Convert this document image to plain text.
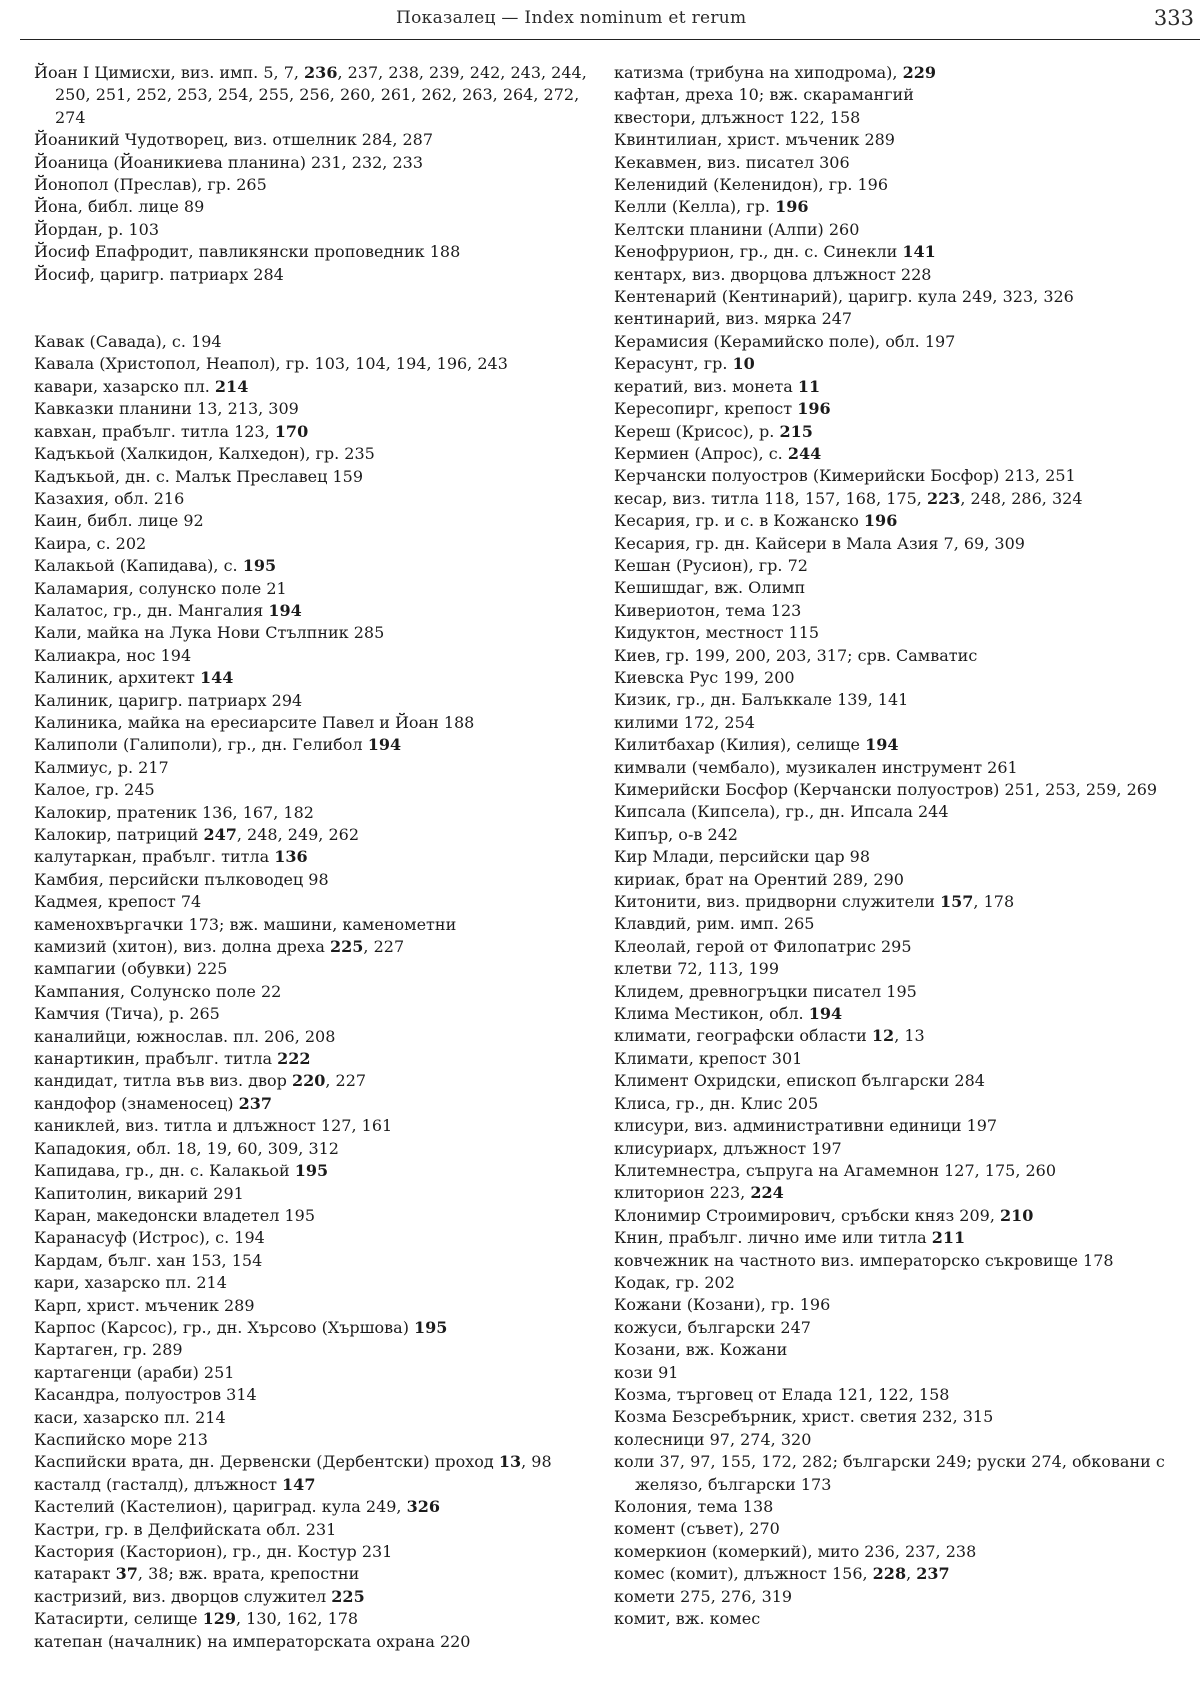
Показалец — Index nominum et rerum	333
Йоан I Цимисхи, виз. имп. 5, 7, 236, 237, 238, 239, 242, 243, 244, 250, 251, 252, 253, 254, 255, 256, 260, 261, 262, 263, 264, 272, 274
Йоаникий Чудотворец, виз. отшелник 284, 287
Йоаница (Йоаникиева планина) 231, 232, 233
Йонопол (Преслав), гр. 265
Йона, библ. лице 89
Йордан, р. 103
Йосиф Епафродит, павликянски проповедник 188
Йосиф, царигр. патриарх 284
Кавак (Савада), с. 194
Кавала (Христопол, Неапол), гр. 103, 104, 194, 196, 243
кавари, хазарско пл. 214
Кавказки планини 13, 213, 309
кавхан, прабълг. титла 123, 170
Кадъкьой (Халкидон, Калхедон), гр. 235
Кадъкьой, дн. с. Малък Преславец 159
Казахия, обл. 216
Каин, библ. лице 92
Каира, с. 202
Калакьой (Капидава), с. 195
Каламария, солунско поле 21
Калатос, гр., дн. Мангалия 194
Кали, майка на Лука Нови Стълпник 285
Калиакра, нос 194
Калиник, архитект 144
Калиник, царигр. патриарх 294
Калиника, майка на ересиарсите Павел и Йоан 188
Калиполи (Галиполи), гр., дн. Гелибол 194
Калмиус, р. 217
Калое, гр. 245
Калокир, пратеник 136, 167, 182
Калокир, патриций 247, 248, 249, 262
калутаркан, прабълг. титла 136
Камбия, персийски пълководец 98
Кадмея, крепост 74
каменохвъргачки 173; вж. машини, каменометни
камизий (хитон), виз. долна дреха 225, 227
кампагии (обувки) 225
Кампания, Солунско поле 22
Камчия (Тича), р. 265
каналийци, южнослав. пл. 206, 208
канартикин, прабълг. титла 222
кандидат, титла във виз. двор 220, 227
кандофор (знаменосец) 237
каниклей, виз. титла и длъжност 127, 161
Кападокия, обл. 18, 19, 60, 309, 312
Капидава, гр., дн. с. Калакьой 195
Капитолин, викарий 291
Каран, македонски владетел 195
Каранасуф (Истрос), с. 194
Кардам, бълг. хан 153, 154
кари, хазарско пл. 214
Карп, христ. мъченик 289
Карпос (Карсос), гр., дн. Хърсово (Хършова) 195
Картаген, гр. 289
картагенци (араби) 251
Касандра, полуостров 314
каси, хазарско пл. 214
Каспийско море 213
Каспийски врата, дн. Дервенски (Дербентски) проход 13, 98
касталд (гасталд), длъжност 147
Кастелий (Кастелион), цариград. кула 249, 326
Кастри, гр. в Делфийската обл. 231
Кастория (Касторион), гр., дн. Костур 231
катаракт 37, 38; вж. врата, крепостни
кастризий, виз. дворцов служител 225
Катасирти, селище 129, 130, 162, 178
катепан (началник) на императорската охрана 220
катизма (трибуна на хиподрома), 229
кафтан, дреха 10; вж. скарамангий
квестори, длъжност 122, 158
Квинтилиан, христ. мъченик 289
Кекавмен, виз. писател 306
Келенидий (Келенидон), гр. 196
Келли (Келла), гр. 196
Келтски планини (Алпи) 260
Кенофрурион, гр., дн. с. Синекли 141
кентарх, виз. дворцова длъжност 228
Кентенарий (Кентинарий), царигр. кула 249, 323, 326
кентинарий, виз. мярка 247
Керамисия (Керамийско поле), обл. 197
Керасунт, гр. 10
кератий, виз. монета 11
Кересопирг, крепост 196
Кереш (Крисос), р. 215
Кермиен (Апрос), с. 244
Керчански полуостров (Кимерийски Босфор) 213, 251
кесар, виз. титла 118, 157, 168, 175, 223, 248, 286, 324
Кесария, гр. и с. в Кожанско 196
Кесария, гр. дн. Кайсери в Мала Азия 7, 69, 309
Кешан (Русион), гр. 72
Кешишдаг, вж. Олимп
Кивериотон, тема 123
Кидуктон, местност 115
Киев, гр. 199, 200, 203, 317; срв. Самватис
Киевска Рус 199, 200
Кизик, гр., дн. Балъккале 139, 141
килими 172, 254
Килитбахар (Килия), селище 194
кимвали (чембало), музикален инструмент 261
Кимерийски Босфор (Керчански полуостров) 251, 253, 259, 269
Кипсала (Кипсела), гр., дн. Ипсала 244
Кипър, о-в 242
Кир Млади, персийски цар 98
кириак, брат на Орентий 289, 290
Китонити, виз. придворни служители 157, 178
Клавдий, рим. имп. 265
Клеолай, герой от Филопатрис 295
клетви 72, 113, 199
Клидем, древногръцки писател 195
Клима Местикон, обл. 194
климати, географски области 12, 13
Климати, крепост 301
Климент Охридски, епископ български 284
Клиса, гр., дн. Клис 205
клисури, виз. административни единици 197
клисуриарх, длъжност 197
Клитемнестра, съпруга на Агамемнон 127, 175, 260
клиторион 223, 224
Клонимир Строимирович, сръбски княз 209, 210
Книн, прабълг. лично име или титла 211
ковчежник на частното виз. императорско съкровище 178
Кодак, гр. 202
Кожани (Козани), гр. 196
кожуси, български 247
Козани, вж. Кожани
кози 91
Козма, търговец от Елада 121, 122, 158
Козма Безсребърник, христ. светия 232, 315
колесници 97, 274, 320
коли 37, 97, 155, 172, 282; български 249; руски 274, обковани с желязо, български 173
Колония, тема 138
комент (съвет), 270
комеркион (комеркий), мито 236, 237, 238
комес (комит), длъжност 156, 228, 237
комети 275, 276, 319
комит, вж. комес
